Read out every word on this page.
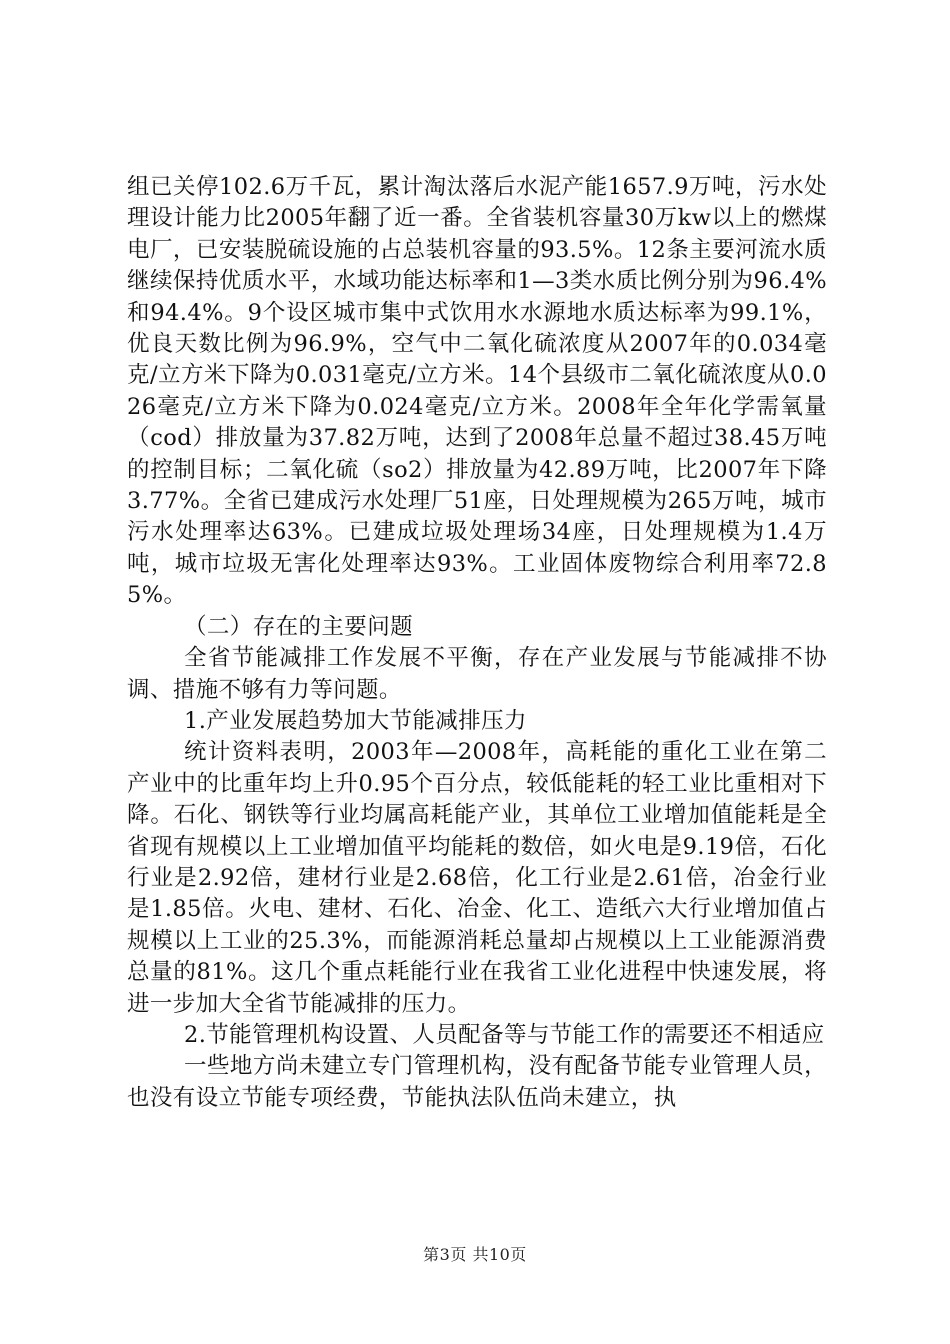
组已关停102.6万千瓦，累计淘汰落后水泥产能1657.9万吨，污水处理设计能力比2005年翻了近一番。全省装机容量30万kw以上的燃煤电厂，已安装脱硫设施的占总装机容量的93.5%。12条主要河流水质继续保持优质水平，水域功能达标率和1—3类水质比例分别为96.4%和94.4%。9个设区城市集中式饮用水水源地水质达标率为99.1%，优良天数比例为96.9%，空气中二氧化硫浓度从2007年的0.034毫克/立方米下降为0.031毫克/立方米。14个县级市二氧化硫浓度从0.026毫克/立方米下降为0.024毫克/立方米。2008年全年化学需氧量（cod）排放量为37.82万吨，达到了2008年总量不超过38.45万吨的控制目标；二氧化硫（so2）排放量为42.89万吨，比2007年下降3.77%。全省已建成污水处理厂51座，日处理规模为265万吨，城市污水处理率达63%。已建成垃圾处理场34座，日处理规模为1.4万吨，城市垃圾无害化处理率达93%。工业固体废物综合利用率72.85%。

（二）存在的主要问题

全省节能减排工作发展不平衡，存在产业发展与节能减排不协调、措施不够有力等问题。

1.产业发展趋势加大节能减排压力

统计资料表明，2003年—2008年，高耗能的重化工业在第二产业中的比重年均上升0.95个百分点，较低能耗的轻工业比重相对下降。石化、钢铁等行业均属高耗能产业，其单位工业增加值能耗是全省现有规模以上工业增加值平均能耗的数倍，如火电是9.19倍，石化行业是2.92倍，建材行业是2.68倍，化工行业是2.61倍，冶金行业是1.85倍。火电、建材、石化、冶金、化工、造纸六大行业增加值占规模以上工业的25.3%，而能源消耗总量却占规模以上工业能源消费总量的81%。这几个重点耗能行业在我省工业化进程中快速发展，将进一步加大全省节能减排的压力。

2.节能管理机构设置、人员配备等与节能工作的需要还不相适应

一些地方尚未建立专门管理机构，没有配备节能专业管理人员，也没有设立节能专项经费，节能执法队伍尚未建立，执

第3页 共10页
